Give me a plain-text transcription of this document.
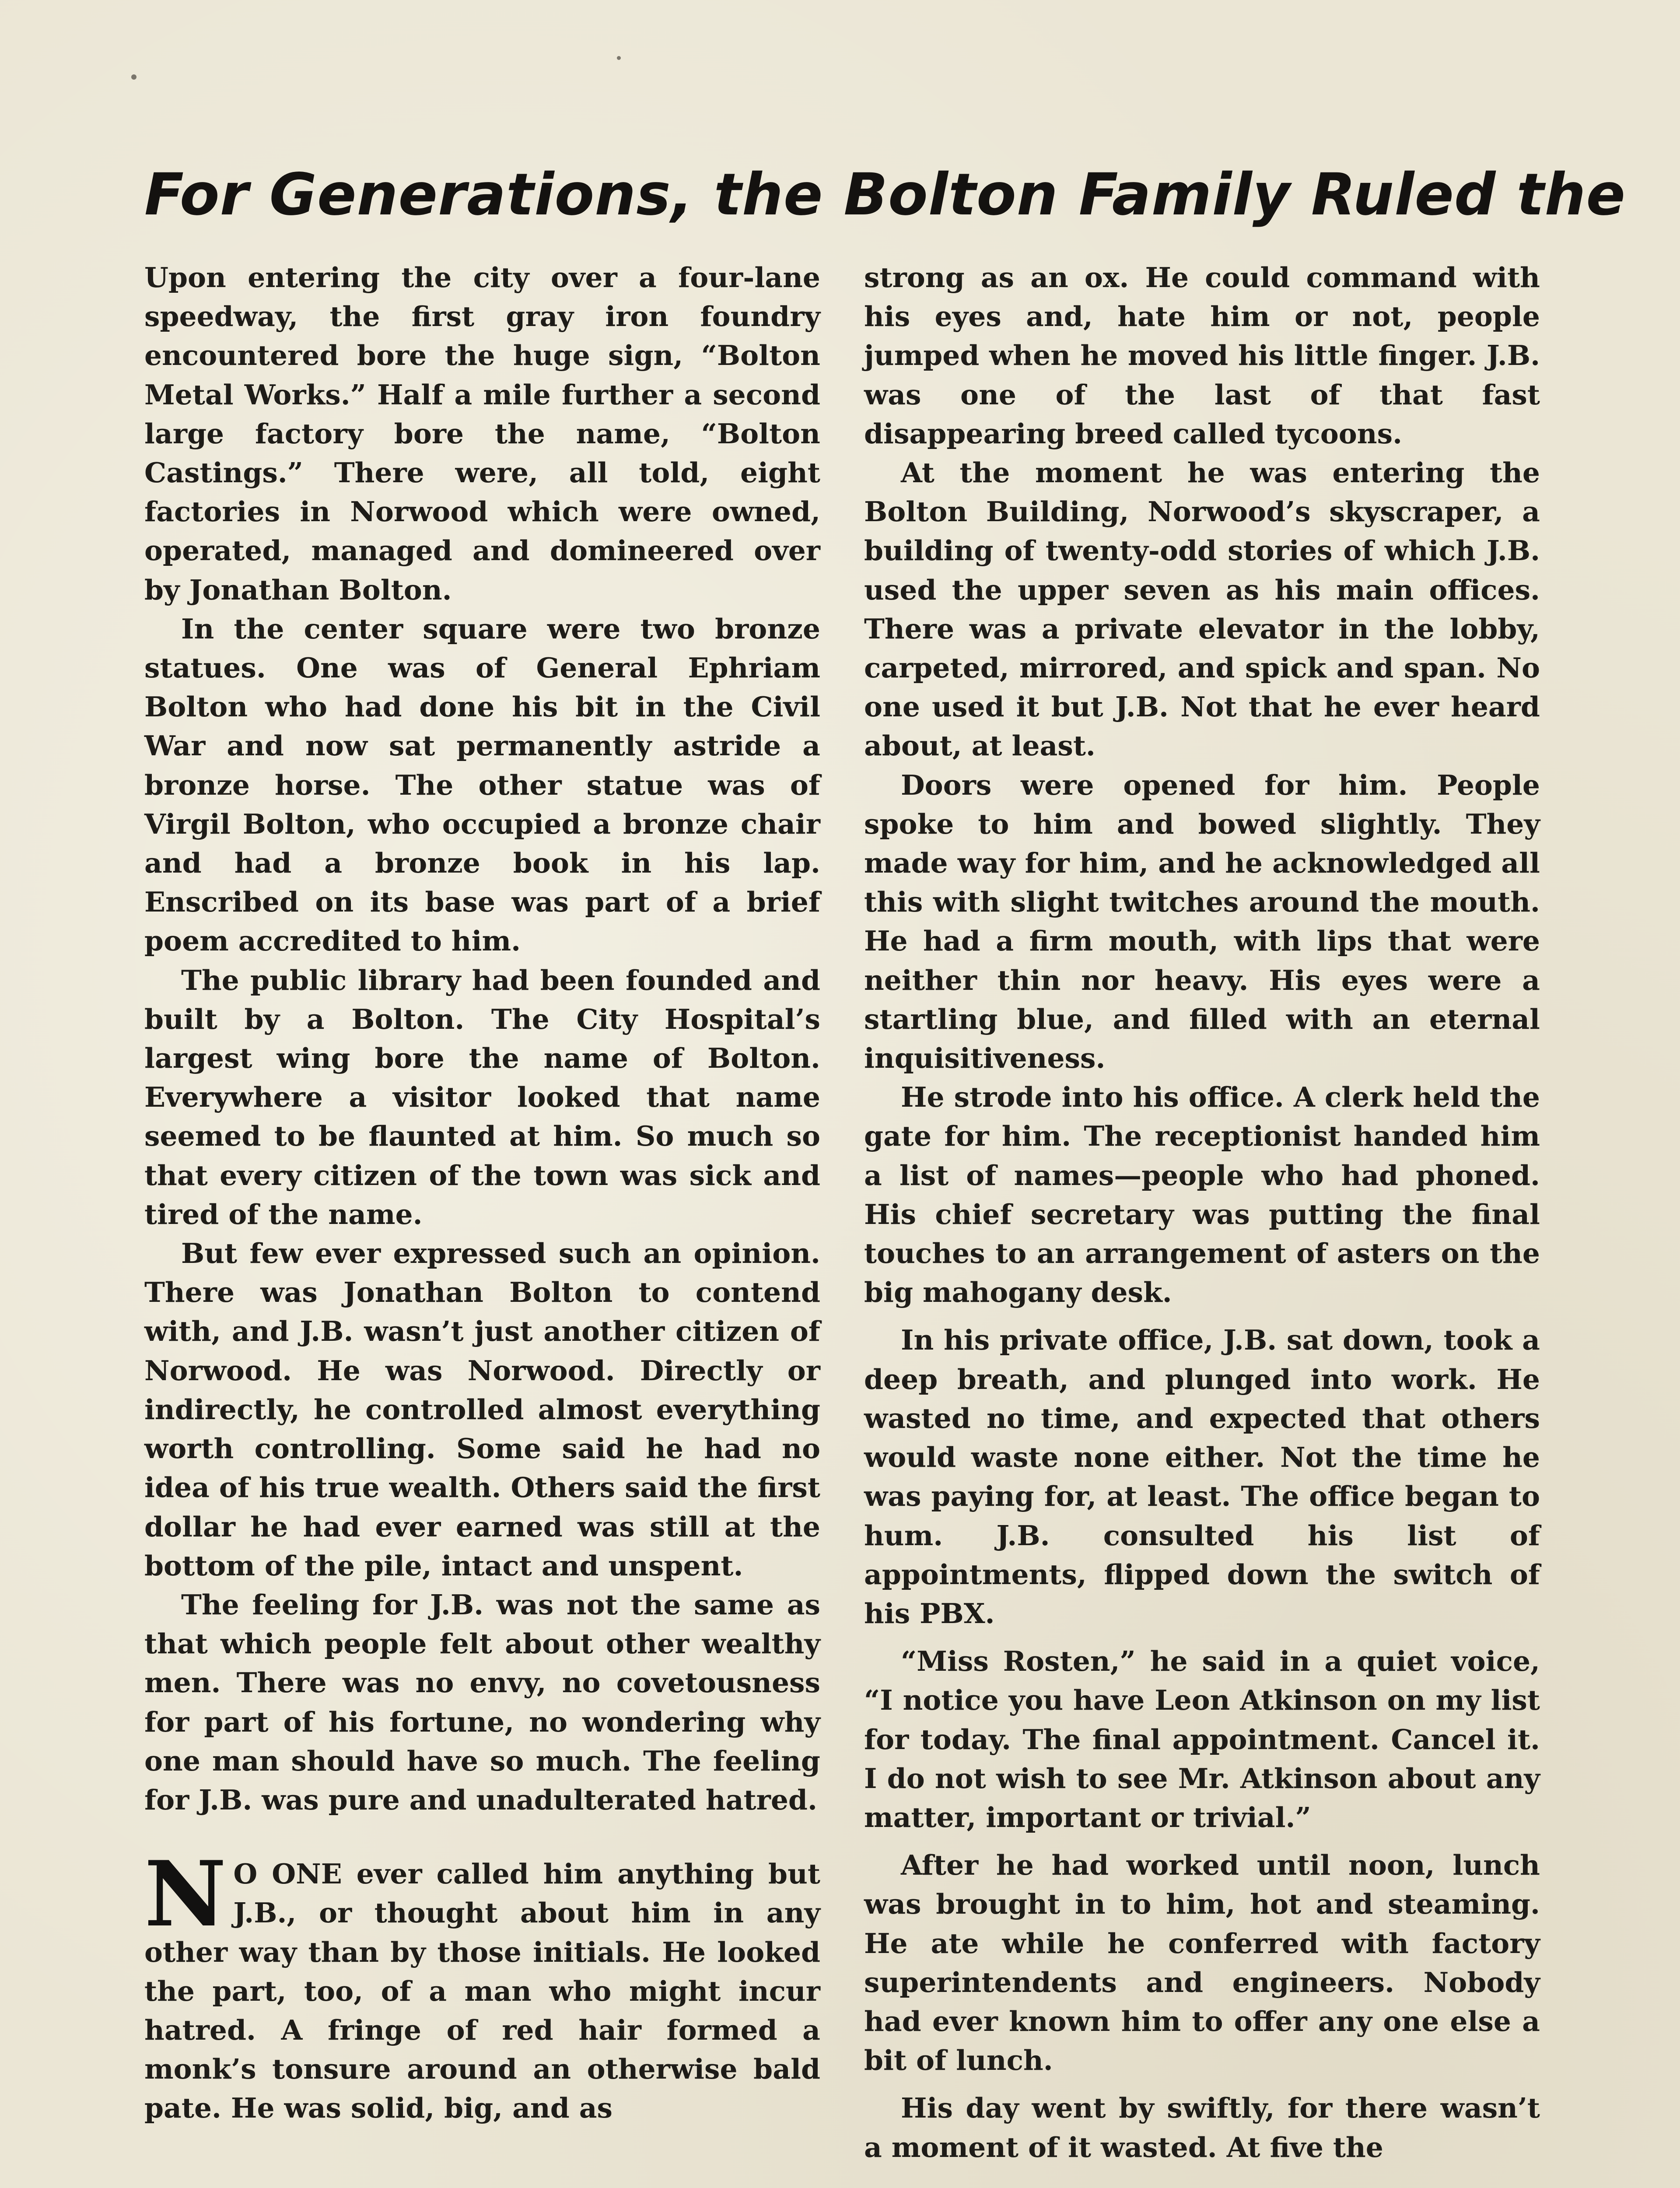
For Generations, the Bolton Family Ruled the

Upon entering the city over a four-lane speedway, the first gray iron foundry encountered bore the huge sign, “Bolton Metal Works.” Half a mile further a second large factory bore the name, “Bolton Castings.” There were, all told, eight factories in Norwood which were owned, operated, managed and domineered over by Jonathan Bolton.

In the center square were two bronze statues. One was of General Ephriam Bolton who had done his bit in the Civil War and now sat permanently astride a bronze horse. The other statue was of Virgil Bolton, who occupied a bronze chair and had a bronze book in his lap. Enscribed on its base was part of a brief poem accredited to him.

The public library had been founded and built by a Bolton. The City Hospital’s largest wing bore the name of Bolton. Everywhere a visitor looked that name seemed to be flaunted at him. So much so that every citizen of the town was sick and tired of the name.

But few ever expressed such an opinion. There was Jonathan Bolton to contend with, and J.B. wasn’t just another citizen of Norwood. He was Norwood. Directly or indirectly, he controlled almost everything worth controlling. Some said he had no idea of his true wealth. Others said the first dollar he had ever earned was still at the bottom of the pile, intact and unspent.

The feeling for J.B. was not the same as that which people felt about other wealthy men. There was no envy, no covetousness for part of his fortune, no wondering why one man should have so much. The feeling for J.B. was pure and unadulterated hatred.

N O ONE ever called him anything but J.B., or thought about him in any other way than by those initials. He looked the part, too, of a man who might incur hatred. A fringe of red hair formed a monk’s tonsure around an otherwise bald pate. He was solid, big, and as

strong as an ox. He could command with his eyes and, hate him or not, people jumped when he moved his little finger. J.B. was one of the last of that fast disappearing breed called tycoons.

At the moment he was entering the Bolton Building, Norwood’s skyscraper, a building of twenty-odd stories of which J.B. used the upper seven as his main offices. There was a private elevator in the lobby, carpeted, mirrored, and spick and span. No one used it but J.B. Not that he ever heard about, at least.

Doors were opened for him. People spoke to him and bowed slightly. They made way for him, and he acknowledged all this with slight twitches around the mouth. He had a firm mouth, with lips that were neither thin nor heavy. His eyes were a startling blue, and filled with an eternal inquisitiveness.

He strode into his office. A clerk held the gate for him. The receptionist handed him a list of names—people who had phoned. His chief secretary was putting the final touches to an arrangement of asters on the big mahogany desk.

In his private office, J.B. sat down, took a deep breath, and plunged into work. He wasted no time, and expected that others would waste none either. Not the time he was paying for, at least. The office began to hum. J.B. consulted his list of appointments, flipped down the switch of his PBX.

“Miss Rosten,” he said in a quiet voice, “I notice you have Leon Atkinson on my list for today. The final appointment. Cancel it. I do not wish to see Mr. Atkinson about any matter, important or trivial.”

After he had worked until noon, lunch was brought in to him, hot and steaming. He ate while he conferred with factory superintendents and engineers. Nobody had ever known him to offer any one else a bit of lunch.

His day went by swiftly, for there wasn’t a moment of it wasted. At five the
